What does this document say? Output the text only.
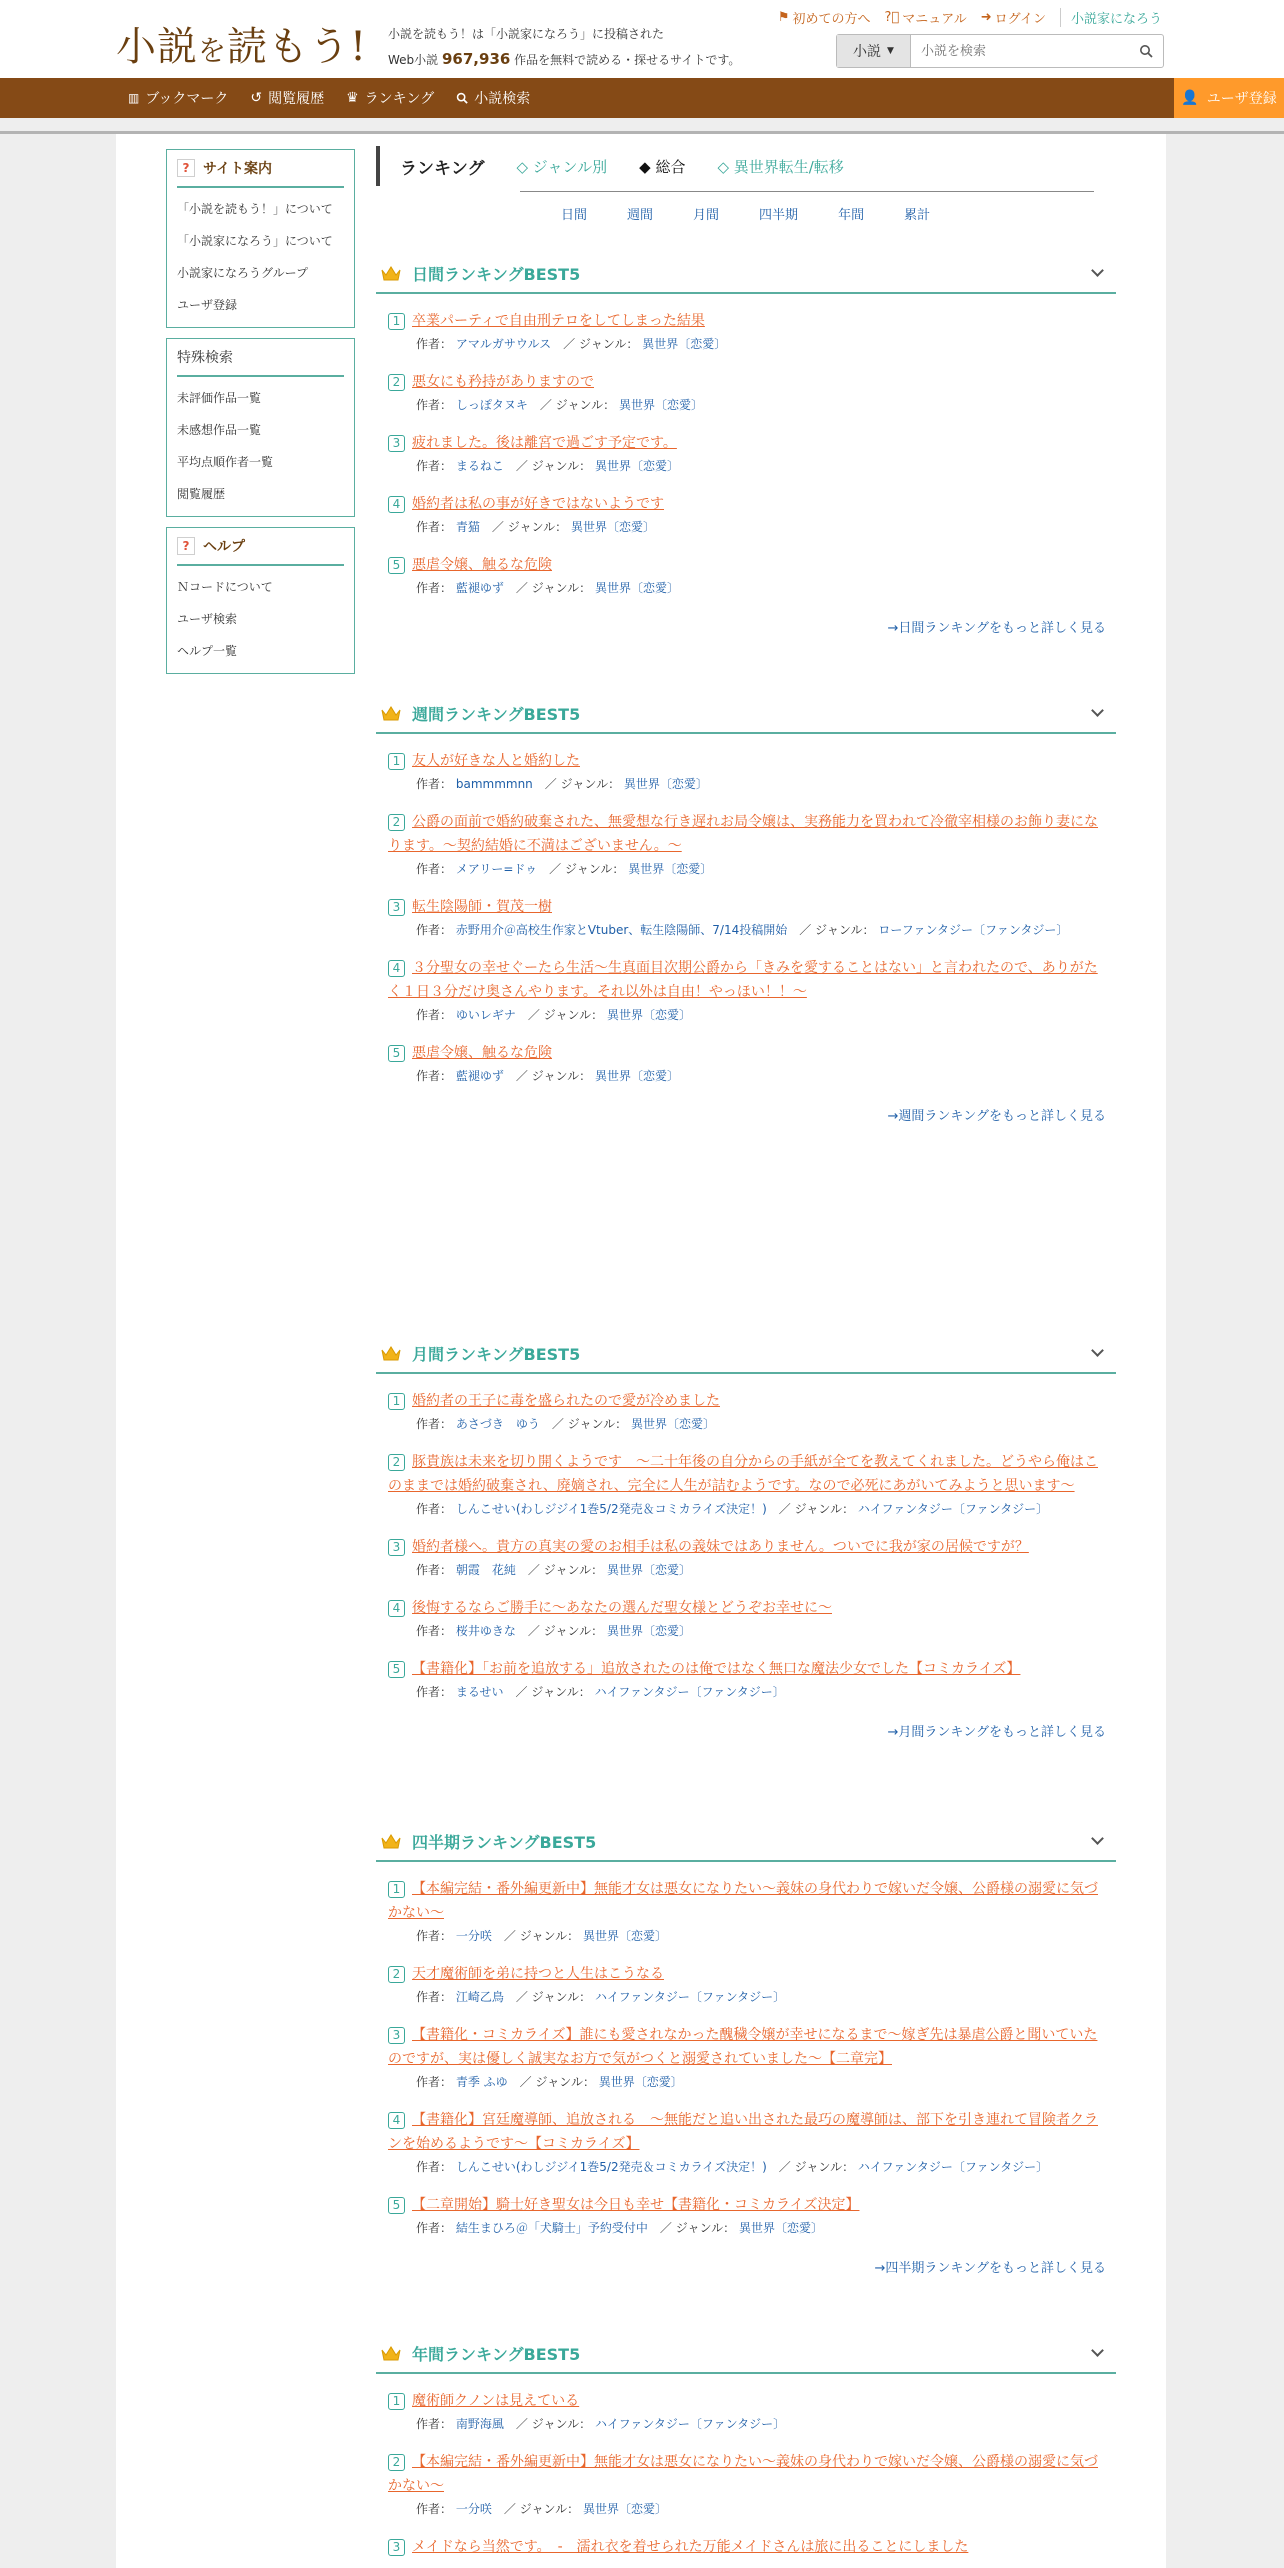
小説を読もう! 小説を読もう！は「小説家になろう」に投稿された
Web小説 967,936 作品を無料で読める・探せるサイトです。
⚑ 初めての方へ ?⃝ マニュアル ➜ ログイン	小説家になろう
小説 ▼
小説を検索
▥ ブックマーク ↺ 閲覧履歴 ♛ ランキング	小説検索	👤 ユーザ登録
? サイト案内
「小説を読もう！」について
「小説家になろう」について
小説家になろうグループ
ユーザ登録
特殊検索
未評価作品一覧
未感想作品一覧
平均点順作者一覧
閲覧履歴
? ヘルプ
Ｎコードについて
ユーザ検索
ヘルプ一覧
ランキング ◇ ジャンル別 ◆ 総合 ◇ 異世界転生/転移
日間	週間	月間	四半期	年間	累計
日間ランキングBEST5
1 卒業パーティで自由刑テロをしてしまった結果
作者： アマルガサウルス　／ ジャンル： 異世界〔恋愛〕
2 悪女にも矜持がありますので
作者： しっぽタヌキ　／ ジャンル： 異世界〔恋愛〕
3 疲れました。後は離宮で過ごす予定です。
作者： まるねこ　／ ジャンル： 異世界〔恋愛〕
4 婚約者は私の事が好きではないようです
作者： 青猫　／ ジャンル： 異世界〔恋愛〕
5 悪虐令嬢、触るな危険
作者： 藍褪ゆず　／ ジャンル： 異世界〔恋愛〕
→日間ランキングをもっと詳しく見る
週間ランキングBEST5
1 友人が好きな人と婚約した
作者： bammmmnn　／ ジャンル： 異世界〔恋愛〕
2 公爵の面前で婚約破棄された、無愛想な行き遅れお局令嬢は、実務能力を買われて冷徹宰相様のお飾り妻になります。～契約結婚に不満はございません。～
作者： メアリー=ドゥ　／ ジャンル： 異世界〔恋愛〕
3 転生陰陽師・賀茂一樹
作者： 赤野用介＠高校生作家とVtuber、転生陰陽師、7/14投稿開始　／ ジャンル： ローファンタジー〔ファンタジー〕
4 ３分聖女の幸せぐーたら生活～生真面目次期公爵から「きみを愛することはない」と言われたので、ありがたく１日３分だけ奥さんやります。それ以外は自由！やっほい！！～
作者： ゆいレギナ　／ ジャンル： 異世界〔恋愛〕
5 悪虐令嬢、触るな危険
作者： 藍褪ゆず　／ ジャンル： 異世界〔恋愛〕
→週間ランキングをもっと詳しく見る
月間ランキングBEST5
1 婚約者の王子に毒を盛られたので愛が冷めました
作者： あさづき　ゆう　／ ジャンル： 異世界〔恋愛〕
2 豚貴族は未来を切り開くようです　～二十年後の自分からの手紙が全てを教えてくれました。どうやら俺はこのままでは婚約破棄され、廃嫡され、完全に人生が詰むようです。なので必死にあがいてみようと思います～
作者： しんこせい(わしジジイ1巻5/2発売＆コミカライズ決定！)　／ ジャンル： ハイファンタジー〔ファンタジー〕
3 婚約者様へ。貴方の真実の愛のお相手は私の義妹ではありません。ついでに我が家の居候ですが？
作者： 朝霞　花純　／ ジャンル： 異世界〔恋愛〕
4 後悔するならご勝手に～あなたの選んだ聖女様とどうぞお幸せに～
作者： 桜井ゆきな　／ ジャンル： 異世界〔恋愛〕
5 【書籍化】「お前を追放する」追放されたのは俺ではなく無口な魔法少女でした【コミカライズ】
作者： まるせい　／ ジャンル： ハイファンタジー〔ファンタジー〕
→月間ランキングをもっと詳しく見る
四半期ランキングBEST5
1 【本編完結・番外編更新中】無能才女は悪女になりたい～義妹の身代わりで嫁いだ令嬢、公爵様の溺愛に気づかない～
作者： 一分咲　／ ジャンル： 異世界〔恋愛〕
2 天才魔術師を弟に持つと人生はこうなる
作者： 江崎乙鳥　／ ジャンル： ハイファンタジー〔ファンタジー〕
3 【書籍化・コミカライズ】誰にも愛されなかった醜穢令嬢が幸せになるまで～嫁ぎ先は暴虐公爵と聞いていたのですが、実は優しく誠実なお方で気がつくと溺愛されていました～【二章完】
作者： 青季 ふゆ　／ ジャンル： 異世界〔恋愛〕
4 【書籍化】宮廷魔導師、追放される　～無能だと追い出された最巧の魔導師は、部下を引き連れて冒険者クランを始めるようです～【コミカライズ】
作者： しんこせい(わしジジイ1巻5/2発売＆コミカライズ決定！)　／ ジャンル： ハイファンタジー〔ファンタジー〕
5 【二章開始】騎士好き聖女は今日も幸せ【書籍化・コミカライズ決定】
作者： 結生まひろ＠「犬騎士」予約受付中　／ ジャンル： 異世界〔恋愛〕
→四半期ランキングをもっと詳しく見る
年間ランキングBEST5
1 魔術師クノンは見えている
作者： 南野海風　／ ジャンル： ハイファンタジー〔ファンタジー〕
2 【本編完結・番外編更新中】無能才女は悪女になりたい～義妹の身代わりで嫁いだ令嬢、公爵様の溺愛に気づかない～
作者： 一分咲　／ ジャンル： 異世界〔恋愛〕
3 メイドなら当然です。　-　濡れ衣を着せられた万能メイドさんは旅に出ることにしました
